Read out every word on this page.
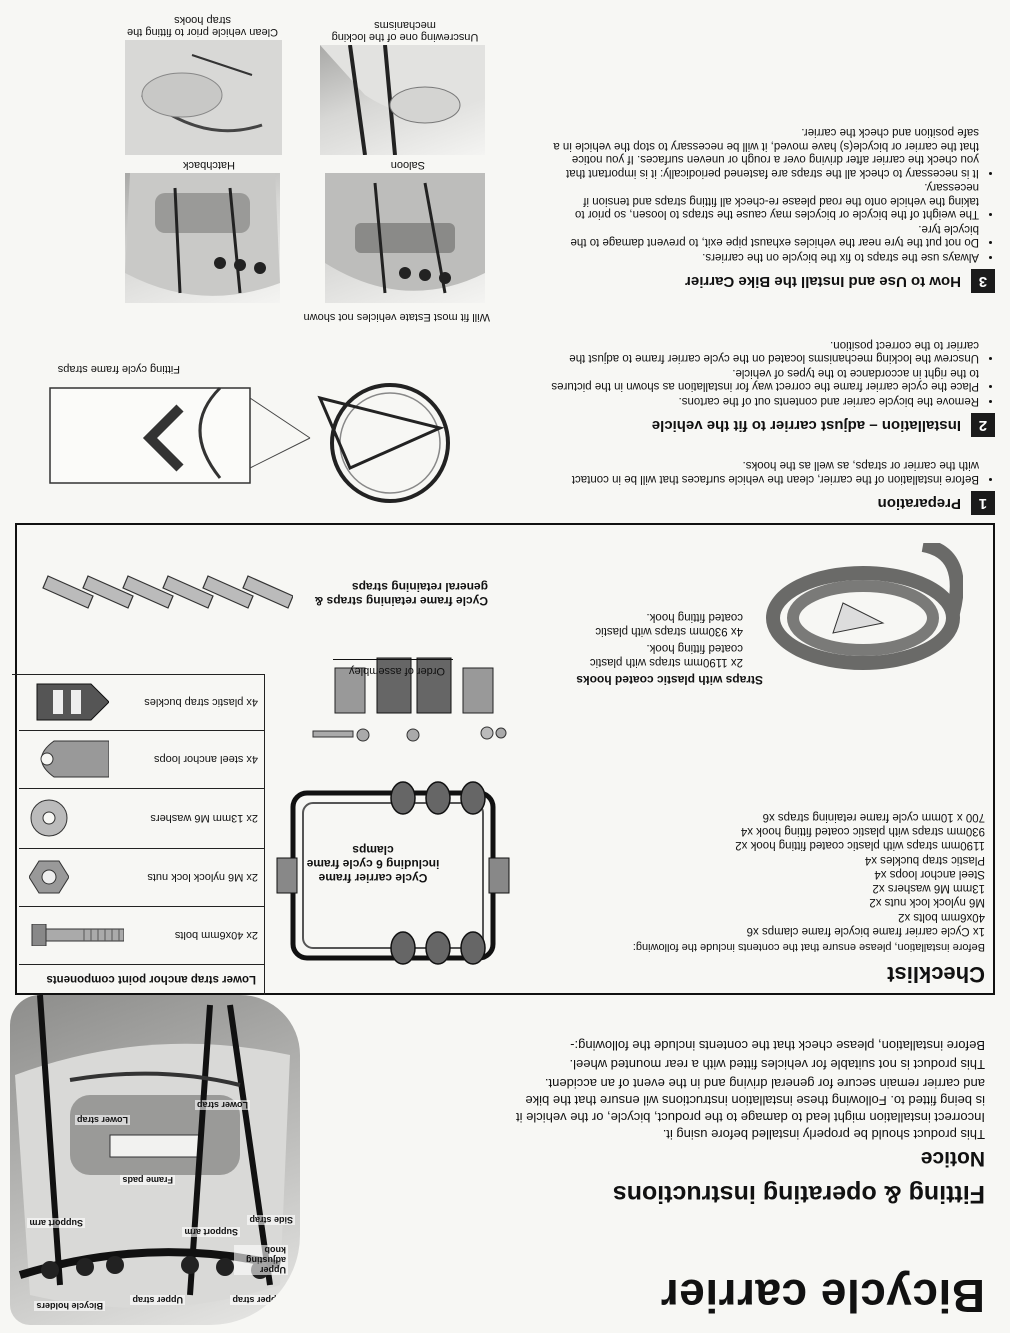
Bicycle carrier
Fitting & operating instructions
Bicycle holders
Upper strap
Upper strap
Support arm
Upper adjusting knob
Support arm
Side strap
Frame pads
Lower strap
Lower strap
Notice
This product should be properly installed before using it.
Incorrect installation might lead to damage to the product, bicycle, or the vehicle it is being fitted to. Following these installation instructions wil ensure that the bike and carrier remain secure for general driving and in the event of an accident.
This product is not suitable for vehicles fitted with a rear mounted wheel.
Before installation, please check that the contents include the following:-
Checklist
Before installation, please ensure that the contents include the following:
1x Cycle carrier frame bicycle frame clamps x6
40x6mm bolts x2
M6 nylock lock nuts x2
13mm M6 washers x2
Steel anchor loops x4
Plastic strap buckles x4
1190mm straps with plastic coated fitting hook x2
930mm straps with plastic coated fitting hook x4
700 x 10mm cycle frame retaining straps x6
Cycle carrier frame including 6 cycle frame clamps
Lower strap anchor point components
2x 40x6mm bolts
2x M6 nylock lock nuts
2x 13mm M6 washers
4x steel anchor loops
4x plastic strap buckles
Order of assembley
Straps with plastic coated hooks
2x 1190mm straps with plastic coated fitting hook.
4x 930mm straps with plastic coated fitting hook.
Cycle frame retaining straps & general retaining straps
1Preparation
• Before installation of the carrier, clean the vehicle surfaces that will be in contact with the carrier or straps, as well as the hooks.
2Installation – adjust carrier to fit the vehicle
• Remove the bicycle carrier and contents out of the cartons.
• Place the cycle carrier frame the correct way for installation as shown in the pictures to the right in accordance to the types of vehicle.
• Unscrew the locking mechanisms located on the cycle carrier frame to adjust the carrier to the correct position.
Fitting cycle frame straps
3How to Use and Install the Bike Carrier
• Always use the straps to fix the bicycle on the carriers.
• Do not put the tyre near the vehicles exhaust pipe exit, to prevent damage to the bicycle tyre.
• The weight of the bicycle or bicycles may cause the straps to loosen, so prior to taking the vehicle onto the road please re-check all fitting straps and tension if necessary.
• It is necessary to check all the straps are fastened periodically: it is important that you check the carrier after driving over a rough or uneven surfaces. If you notice that the carrier or bicycle(s) have moved, it will be necessary to stop the vehicle in a safe position and check the carrier.
Will fit most Estate vehicles not shown
Saloon
Hatchback
Unscrewing one of the locking mechanisms
Clean vehicle prior to fitting the strap hooks
